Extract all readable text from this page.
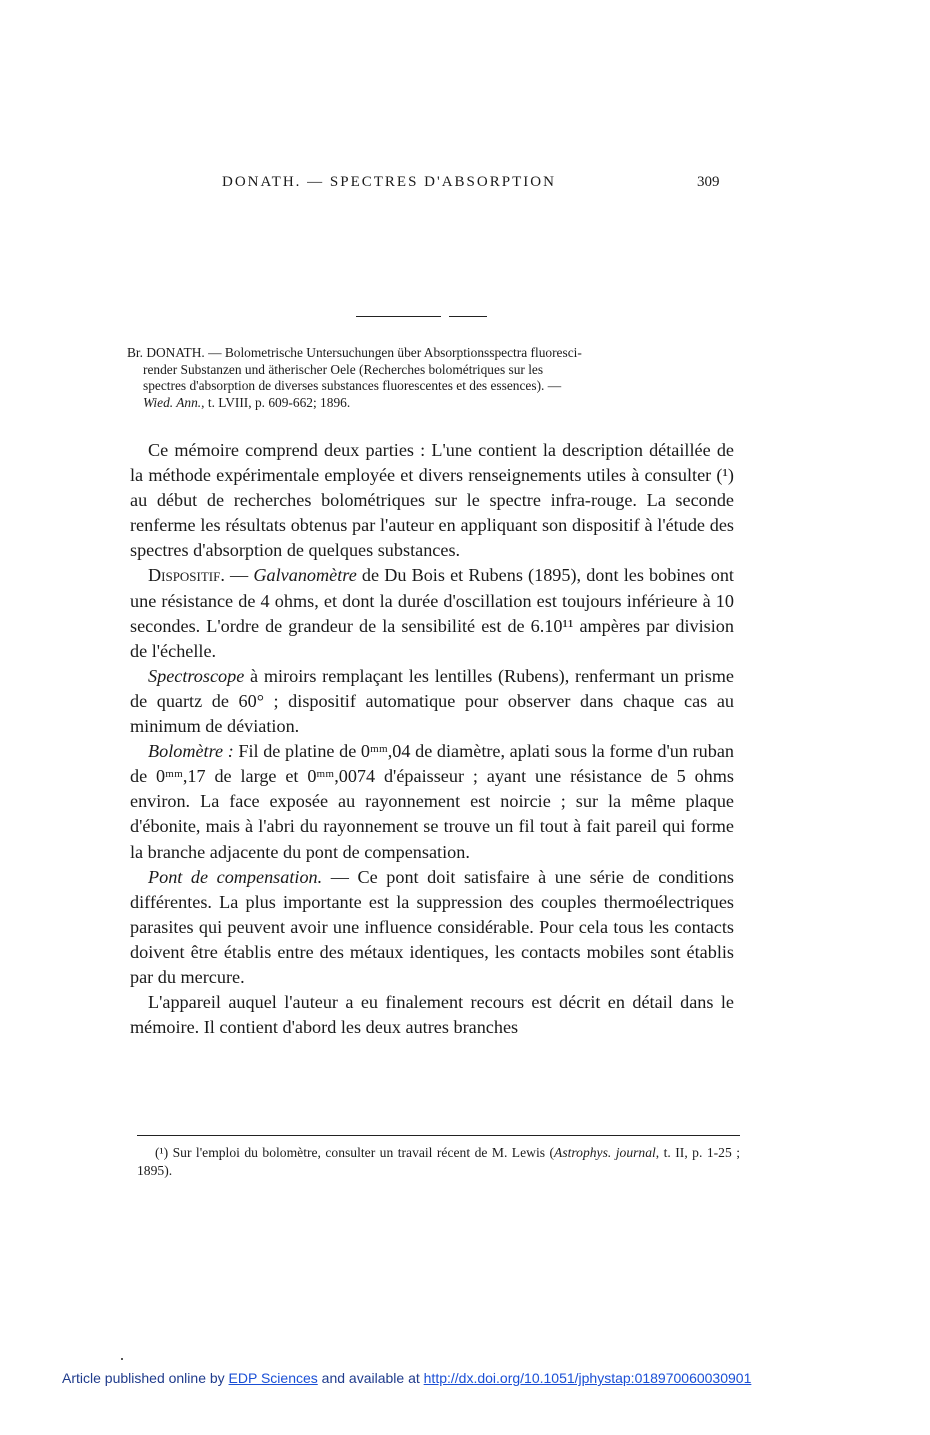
DONATH. — SPECTRES D'ABSORPTION	309
Br. DONATH. — Bolometrische Untersuchungen über Absorptionsspectra fluoresci-
render Substanzen und ätherischer Oele (Recherches bolométriques sur les
spectres d'absorption de diverses substances fluorescentes et des essences). —
Wied. Ann., t. LVIII, p. 609-662; 1896.

Ce mémoire comprend deux parties : L'une contient la description détaillée de la méthode expérimentale employée et divers renseignements utiles à consulter (¹) au début de recherches bolométriques sur le spectre infra-rouge. La seconde renferme les résultats obtenus par l'auteur en appliquant son dispositif à l'étude des spectres d'absorption de quelques substances.

Dispositif. — Galvanomètre de Du Bois et Rubens (1895), dont les bobines ont une résistance de 4 ohms, et dont la durée d'oscillation est toujours inférieure à 10 secondes. L'ordre de grandeur de la sensibilité est de 6.10¹¹ ampères par division de l'échelle.

Spectroscope à miroirs remplaçant les lentilles (Rubens), renfermant un prisme de quartz de 60° ; dispositif automatique pour observer dans chaque cas au minimum de déviation.

Bolomètre : Fil de platine de 0ᵐᵐ,04 de diamètre, aplati sous la forme d'un ruban de 0ᵐᵐ,17 de large et 0ᵐᵐ,0074 d'épaisseur ; ayant une résistance de 5 ohms environ. La face exposée au rayonnement est noircie ; sur la même plaque d'ébonite, mais à l'abri du rayonnement se trouve un fil tout à fait pareil qui forme la branche adjacente du pont de compensation.

Pont de compensation. — Ce pont doit satisfaire à une série de conditions différentes. La plus importante est la suppression des couples thermoélectriques parasites qui peuvent avoir une influence considérable. Pour cela tous les contacts doivent être établis entre des métaux identiques, les contacts mobiles sont établis par du mercure.

L'appareil auquel l'auteur a eu finalement recours est décrit en détail dans le mémoire. Il contient d'abord les deux autres branches

(¹) Sur l'emploi du bolomètre, consulter un travail récent de M. Lewis (Astrophys. journal, t. II, p. 1-25 ; 1895).

Article published online by EDP Sciences and available at http://dx.doi.org/10.1051/jphystap:018970060030901
